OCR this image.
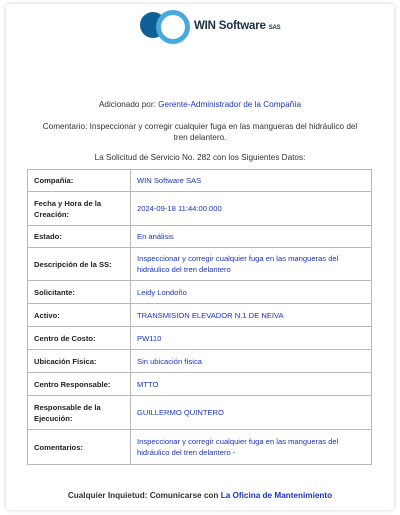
WIN Software SAS
Adicionado por: Gerente-Administrador de la Compañía
Comentario: Inspeccionar y corregir cualquier fuga en las mangueras del hidráulico del
tren delantero.
La Solicitud de Servicio No. 282 con los Siguientes Datos:
Compañía:	WIN Software SAS
Fecha y Hora de la Creación:	2024-09-18 11:44:00.000
Estado:	En análisis
Descripción de la SS:	Inspeccionar y corregir cualquier fuga en las mangueras del hidráulico del tren delantero
Solicitante:	Leidy Londoño
Activo:	TRANSMISION ELEVADOR N.1 DE NEIVA
Centro de Costo:	PW110
Ubicación Física:	Sin ubicación física
Centro Responsable:	MTTO
Responsable de la Ejecución:	GUILLERMO QUINTERO
Comentarios:	Inspeccionar y corregir cualquier fuga en las mangueras del hidráulico del tren delantero -
Cualquier Inquietud: Comunicarse con La Oficina de Mantenimiento
